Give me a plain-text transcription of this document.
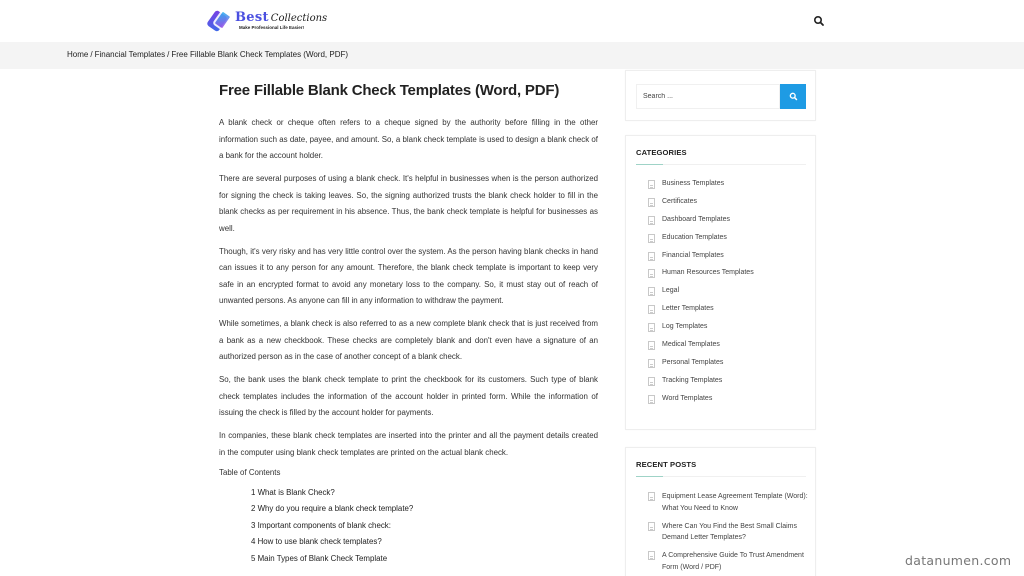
Best Collections
Make Professional Life Easier!
Home / Financial Templates / Free Fillable Blank Check Templates (Word, PDF)
Free Fillable Blank Check Templates (Word, PDF)

A blank check or cheque often refers to a cheque signed by the authority before filling in the other information such as date, payee, and amount. So, a blank check template is used to design a blank check of a bank for the account holder.

There are several purposes of using a blank check. It's helpful in businesses when is the person authorized for signing the check is taking leaves. So, the signing authorized trusts the blank check holder to fill in the blank checks as per requirement in his absence. Thus, the bank check template is helpful for businesses as well.

Though, it's very risky and has very little control over the system. As the person having blank checks in hand can issues it to any person for any amount. Therefore, the blank check template is important to keep very safe in an encrypted format to avoid any monetary loss to the company. So, it must stay out of reach of unwanted persons. As anyone can fill in any information to withdraw the payment.

While sometimes, a blank check is also referred to as a new complete blank check that is just received from a bank as a new checkbook. These checks are completely blank and don't even have a signature of an authorized person as in the case of another concept of a blank check.

So, the bank uses the blank check template to print the checkbook for its customers. Such type of blank check templates includes the information of the account holder in printed form. While the information of issuing the check is filled by the account holder for payments.

In companies, these blank check templates are inserted into the printer and all the payment details created in the computer using blank check templates are printed on the actual blank check.

Table of Contents
1 What is Blank Check?
2 Why do you require a blank check template?
3 Important components of blank check:
4 How to use blank check templates?
5 Main Types of Blank Check Template
Search ...
CATEGORIES
Business Templates
Certificates
Dashboard Templates
Education Templates
Financial Templates
Human Resources Templates
Legal
Letter Templates
Log Templates
Medical Templates
Personal Templates
Tracking Templates
Word Templates
RECENT POSTS
Equipment Lease Agreement Template (Word): What You Need to Know
Where Can You Find the Best Small Claims Demand Letter Templates?
A Comprehensive Guide To Trust Amendment Form (Word / PDF)	datanumen.com
